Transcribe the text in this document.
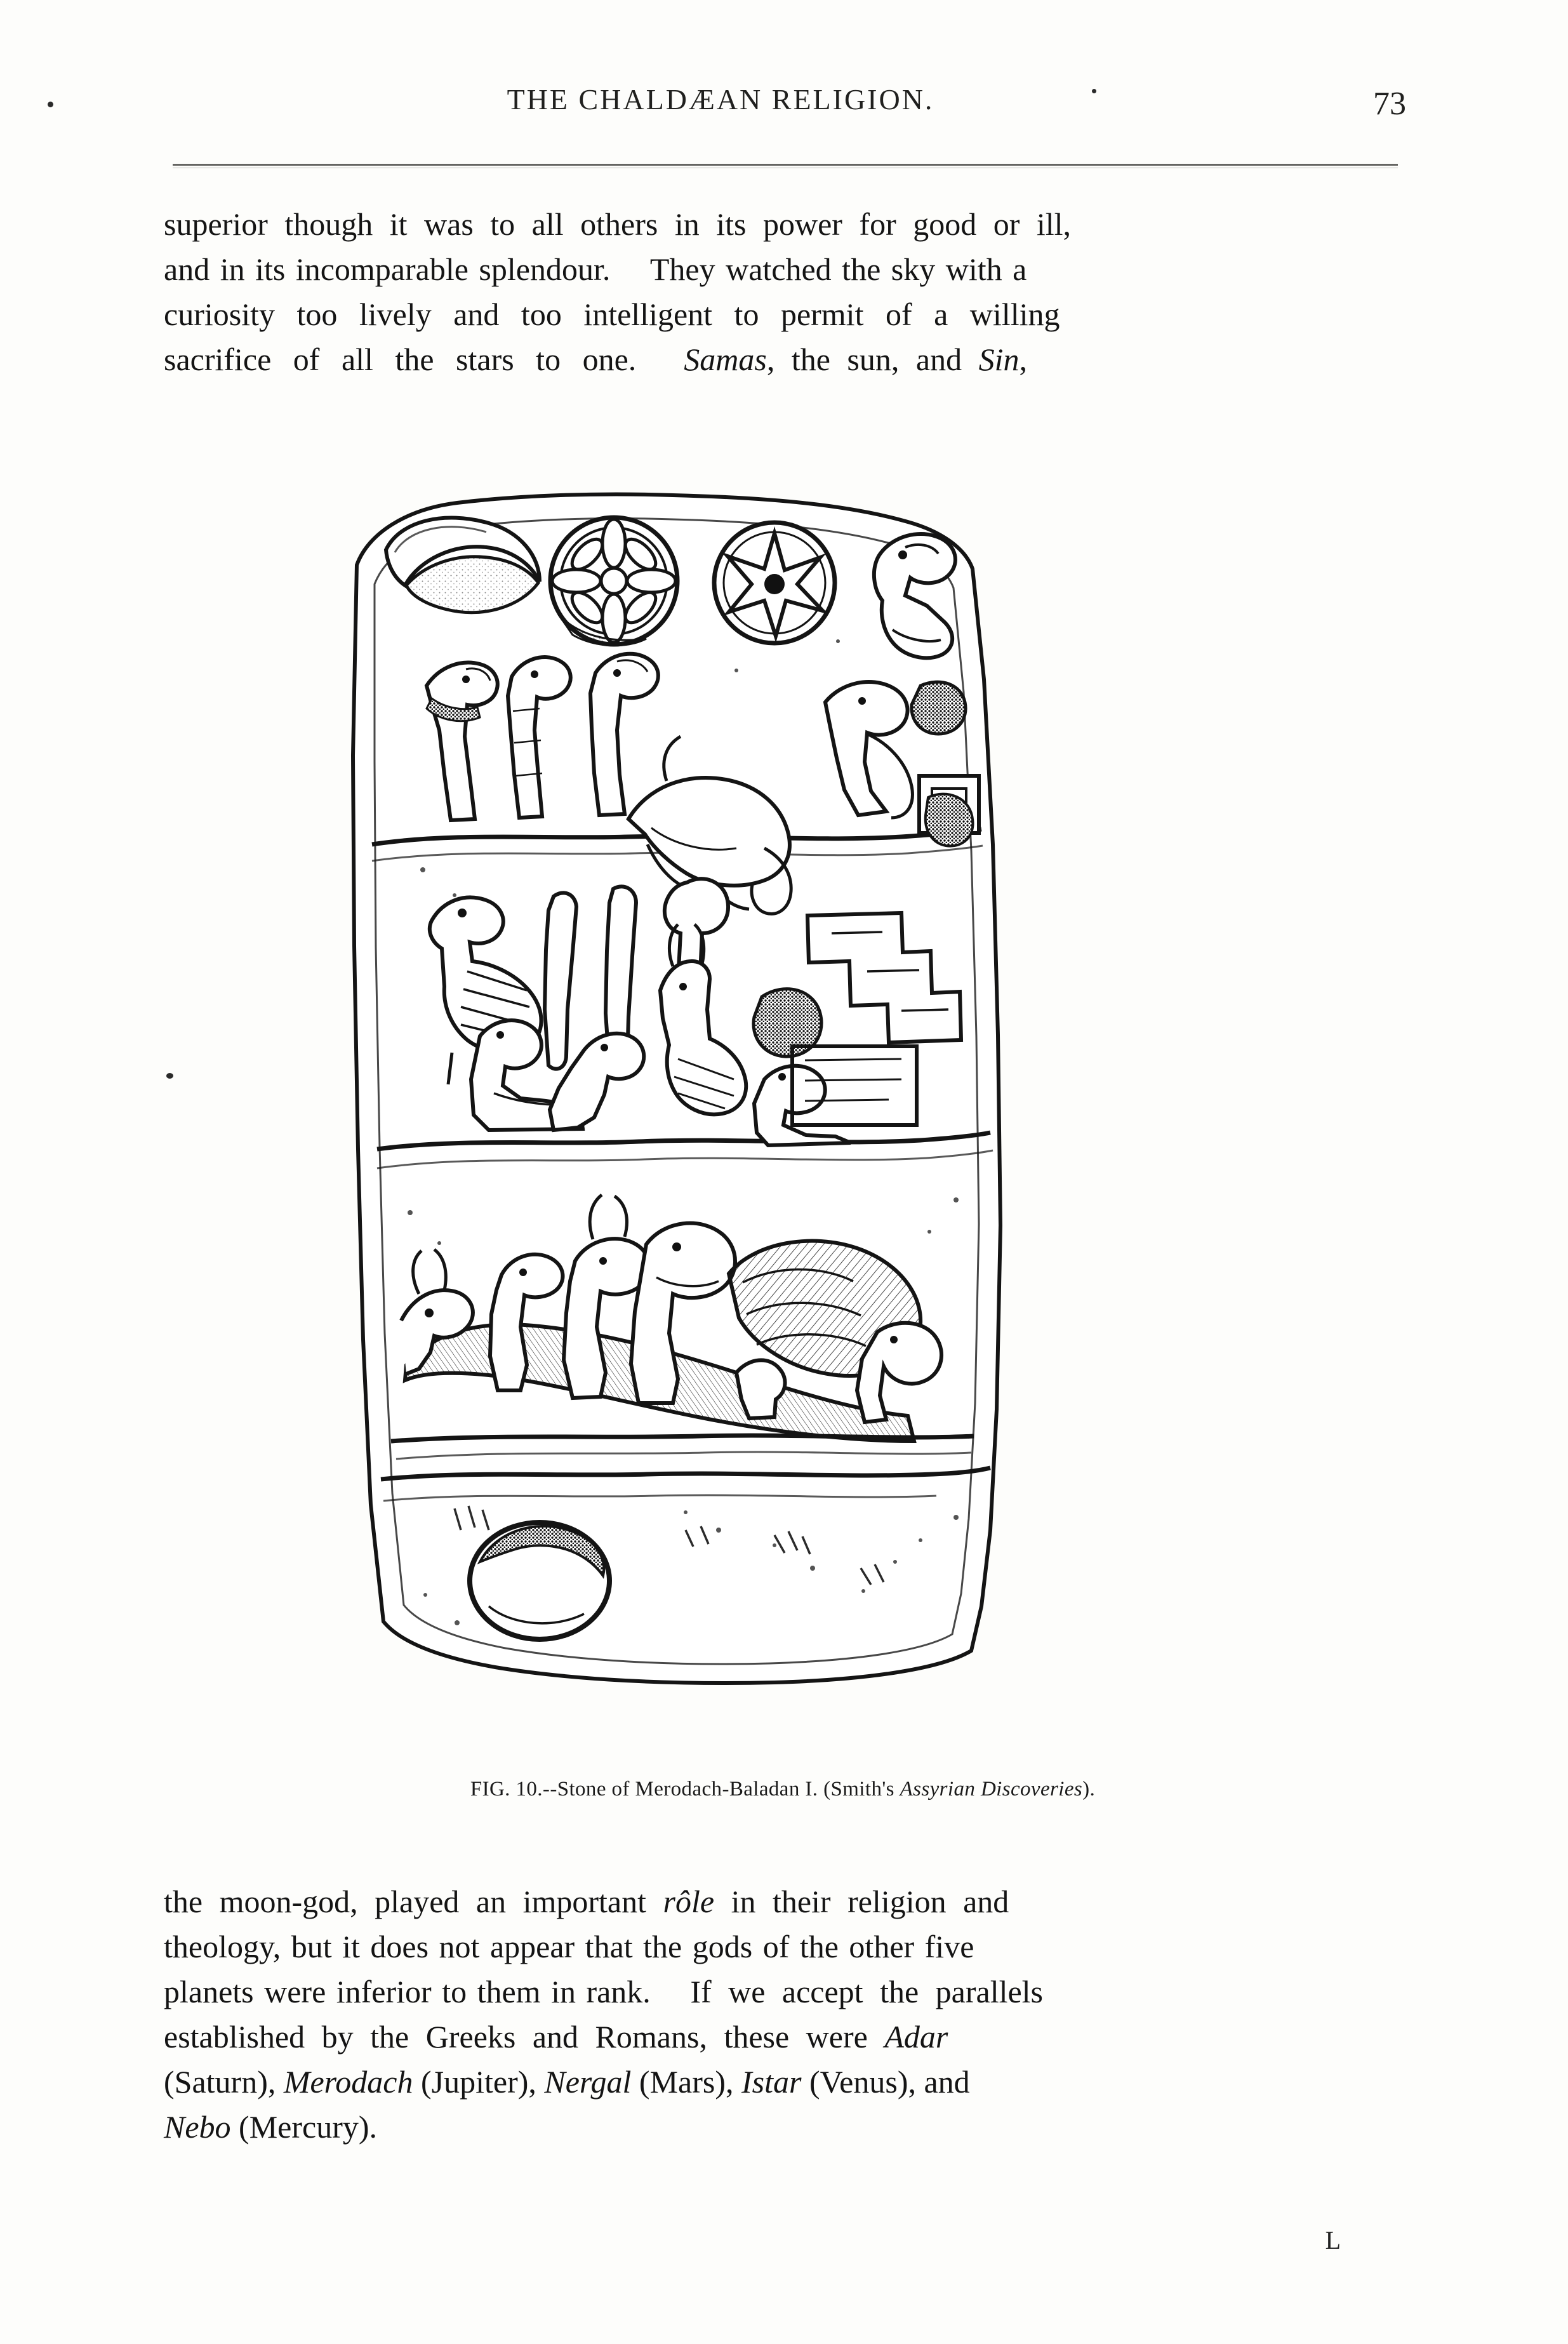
THE CHALDÆAN RELIGION.	73

superior though it was to all others in its power for good or ill,
and in its incomparable splendour. They watched the sky with a
curiosity too lively and too intelligent to permit of a willing
sacrifice of all the stars to one. Samas, the sun, and Sin,

FIG. 10.--Stone of Merodach-Baladan I. (Smith's Assyrian Discoveries).

the moon-god, played an important rôle in their religion and
theology, but it does not appear that the gods of the other five
planets were inferior to them in rank. If we accept the parallels
established by the Greeks and Romans, these were Adar
(Saturn), Merodach (Jupiter), Nergal (Mars), Istar (Venus), and
Nebo (Mercury).

L
